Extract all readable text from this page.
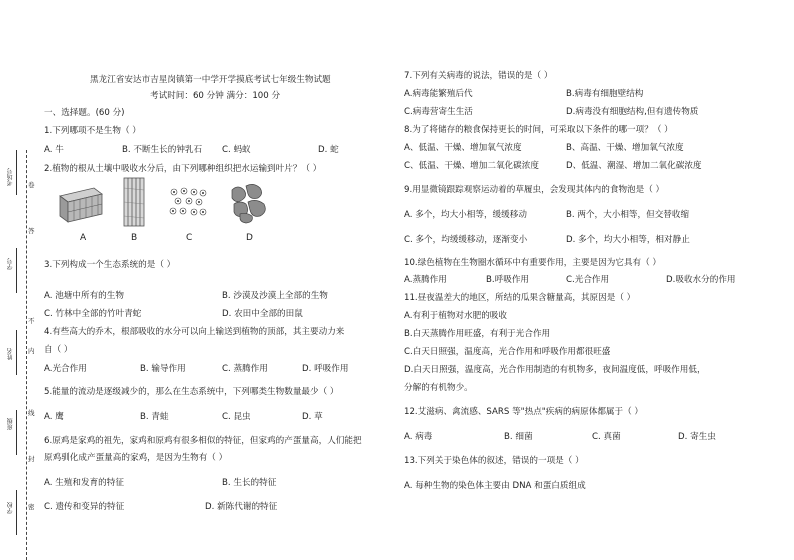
考场号
学号
姓名
班级
学校
卷
答
不
内
线
封
密
黑龙江省安达市吉星岗镇第一中学开学摸底考试七年级生物试题
考试时间：60 分钟 满分：100 分
一、选择题。(60 分)
1.下列哪项不是生物（ ）
A. 牛	B. 不断生长的钟乳石 C. 蚂蚁	D. 蛇
2.植物的根从土壤中吸收水分后，由下列哪种组织把水运输到叶片？（ ）
A	B	C	D
3.下列构成一个生态系统的是（ ）
A. 池塘中所有的生物	B. 沙漠及沙漠上全部的生物
C. 竹林中全部的竹叶青蛇	D. 农田中全部的田鼠
4.有些高大的乔木，根部吸收的水分可以向上输送到植物的顶部，其主要动力来
自（ ）
A.光合作用	B. 输导作用	C. 蒸腾作用	D. 呼吸作用
5.能量的流动是逐级减少的，那么在生态系统中，下列哪类生物数量最少（ ）
A. 鹰	B. 青蛙	C. 昆虫	D. 草
6.原鸡是家鸡的祖先，家鸡和原鸡有很多相似的特征，但家鸡的产蛋量高，人们能把
原鸡驯化成产蛋量高的家鸡，是因为生物有（ ）
A. 生殖和发育的特征	B. 生长的特征
C. 遗传和变异的特征	D. 新陈代谢的特征
7.下列有关病毒的说法，错误的是（ ）
A.病毒能繁殖后代	B.病毒有细胞壁结构
C.病毒营寄生生活	D.病毒没有细胞结构,但有遗传物质
8.为了将储存的粮食保持更长的时间，可采取以下条件的哪一项？（ ）
A、低温、干燥、增加氧气浓度	B、高温、干燥、增加氧气浓度
C、低温、干燥、增加二氧化碳浓度	D、低温、潮湿、增加二氧化碳浓度
9.用显微镜跟踪观察运动着的草履虫，会发现其体内的食物泡是（ ）
A. 多个，均大小相等，缓缓移动	B. 两个，大小相等，但交替收缩
C. 多个，均缓缓移动，逐渐变小	D. 多个，均大小相等，相对静止
10.绿色植物在生物圈水循环中有重要作用，主要是因为它具有（ ）
A.蒸腾作用	B.呼吸作用	C.光合作用	D.吸收水分的作用
11.昼夜温差大的地区，所结的瓜果含糖量高，其原因是（ ）
A.有利于植物对水肥的吸收
B.白天蒸腾作用旺盛，有利于光合作用
C.白天日照强，温度高，光合作用和呼吸作用都很旺盛
D.白天日照强，温度高，光合作用制造的有机物多，夜间温度低，呼吸作用低，
分解的有机物少。
12.艾滋病、禽流感、SARS 等"热点"疾病的病原体都属于（ ）
A. 病毒	B. 细菌	C. 真菌	D. 寄生虫
13.下列关于染色体的叙述，错误的一项是（ ）
A. 每种生物的染色体主要由 DNA 和蛋白质组成
